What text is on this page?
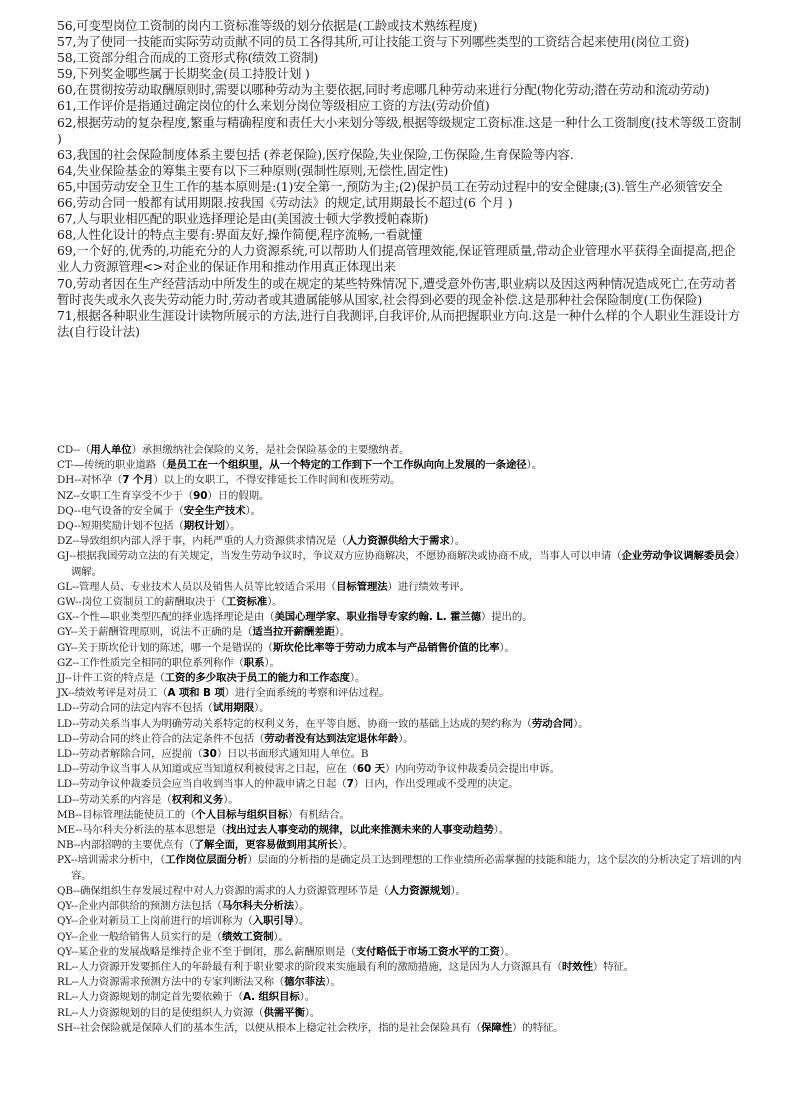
56,可变型岗位工资制的岗内工资标准等级的划分依据是(工龄或技术熟练程度)

57,为了使同一技能而实际劳动贡献不同的员工各得其所,可让技能工资与下列哪些类型的工资结合起来使用(岗位工资)

58,工资部分组合而成的工资形式称(绩效工资制)

59,下列奖金哪些属于长期奖金(员工持股计划 )

60,在贯彻按劳动取酬原则时,需要以哪种劳动为主要依据,同时考虑哪几种劳动来进行分配(物化劳动;潜在劳动和流动劳动)

61,工作评价是指通过确定岗位的什么来划分岗位等级相应工资的方法(劳动价值)

62,根据劳动的复杂程度,繁重与精确程度和责任大小来划分等级,根据等级规定工资标准.这是一种什么工资制度(技术等级工资制 )

63,我国的社会保险制度体系主要包括 (养老保险),医疗保险,失业保险,工伤保险,生育保险等内容.

64,失业保险基金的筹集主要有以下三种原则(强制性原则,无偿性,固定性)

65,中国劳动安全卫生工作的基本原则是:(1)安全第一,预防为主;(2)保护员工在劳动过程中的安全健康;(3).管生产必须管安全

66,劳动合同一般都有试用期限.按我国《劳动法》的规定,试用期最长不超过(6 个月 )

67,人与职业相匹配的职业选择理论是由(美国波士顿大学教授帕森斯)

68,人性化设计的特点主要有:界面友好,操作简便,程序流畅,一看就懂

69,一个好的,优秀的,功能充分的人力资源系统,可以帮助人们提高管理效能,保证管理质量,带动企业管理水平获得全面提高,把企业人力资源管理<>对企业的保证作用和推动作用真正体现出来

70,劳动者因在生产经营活动中所发生的或在规定的某些特殊情况下,遭受意外伤害,职业病以及因这两种情况造成死亡,在劳动者暂时丧失或永久丧失劳动能力时,劳动者或其遗属能够从国家,社会得到必要的现金补偿.这是那种社会保险制度(工伤保险)

71,根据各种职业生涯设计读物所展示的方法,进行自我测评,自我评价,从而把握职业方向.这是一种什么样的个人职业生涯设计方法(自行设计法)

CD--（用人单位）承担缴纳社会保险的义务，是社会保险基金的主要缴纳者。

CT-—传统的职业道路（是员工在一个组织里，从一个特定的工作到下一个工作纵向向上发展的一条途径）。

DH--对怀孕（7 个月）以上的女职工，不得安排延长工作时间和夜班劳动。

NZ--女职工生育享受不少于（90）日的假期。

DQ--电气设备的安全属于（安全生产技术）。

DQ--短期奖励计划不包括（期权计划）。

DZ--导致组织内部人浮于事，内耗严重的人力资源供求情况是（人力资源供给大于需求）。

GJ--根据我国劳动立法的有关规定，当发生劳动争议时，争议双方应协商解决，不愿协商解决或协商不成，当事人可以申请（企业劳动争议调解委员会）调解。

GL--管理人员、专业技术人员以及销售人员等比较适合采用（目标管理法）进行绩效考评。

GW--岗位工资制员工的薪酬取决于（工资标准）。

GX--个性—职业类型匹配的择业选择理论是由（美国心理学家、职业指导专家约翰. L. 霍兰德）提出的。

GY--关于薪酬管理原则，说法不正确的是（适当拉开薪酬差距）。

GY--关于斯坎伦计划的陈述，哪一个是错误的（斯坎伦比率等于劳动力成本与产品销售价值的比率）。

GZ--工作性质完全相同的职位系列称作（职系）。

JJ--计件工资的特点是（工资的多少取决于员工的能力和工作态度）。

JX--绩效考评是对员工（A 项和 B 项）进行全面系统的考察和评估过程。

LD--劳动合同的法定内容不包括（试用期限）。

LD--劳动关系当事人为明确劳动关系特定的权利义务，在平等自愿、协商一致的基础上达成的契约称为（劳动合同）。

LD--劳动合同的终止符合的法定条件不包括（劳动者没有达到法定退休年龄）。

LD--劳动者解除合同，应提前（30）日以书面形式通知用人单位。B

LD--劳动争议当事人从知道或应当知道权利被侵害之日起，应在（60 天）内向劳动争议仲裁委员会提出申诉。

LD--劳动争议仲裁委员会应当自收到当事人的仲裁申请之日起（7）日内，作出受理或不受理的决定。

LD--劳动关系的内容是（权利和义务）。

MB--目标管理法能使员工的（个人目标与组织目标）有机结合。

ME--马尔科夫分析法的基本思想是（找出过去人事变动的规律，以此来推测未来的人事变动趋势）。

NB--内部招聘的主要优点有（了解全面，更容易做到用其所长）。

PX--培训需求分析中，（工作岗位层面分析）层面的分析指的是确定员工达到理想的工作业绩所必需掌握的技能和能力，这个层次的分析决定了培训的内容。

QB--确保组织生存发展过程中对人力资源的需求的人力资源管理环节是（人力资源规划）。

QY--企业内部供给的预测方法包括（马尔科夫分析法）。

QY--企业对新员工上岗前进行的培训称为（入职引导）。

QY--企业一般给销售人员实行的是（绩效工资制）。

QY--某企业的发展战略是维持企业不至于倒闭，那么薪酬原则是（支付略低于市场工资水平的工资）。

RL--人力资源开发要抓住人的年龄最有利于职业要求的阶段来实施最有利的激励措施，这是因为人力资源具有（时效性）特征。

RL--人力资源需求预测方法中的专家判断法又称（德尔菲法）。

RL--人力资源规划的制定首先要依赖于（A. 组织目标）。

RL--人力资源规划的目的是使组织人力资源（供需平衡）。

SH--社会保险就是保障人们的基本生活，以便从根本上稳定社会秩序，指的是社会保险具有（保障性）的特征。
